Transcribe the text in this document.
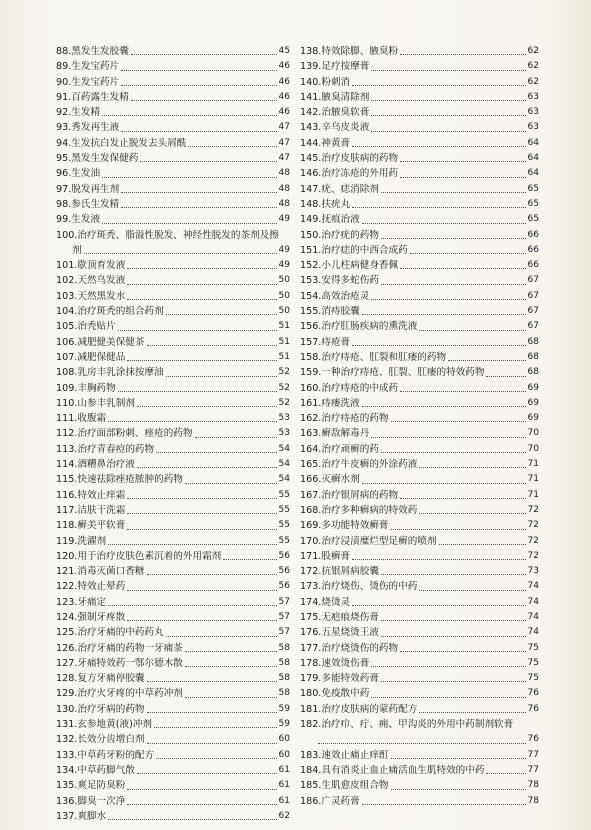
88.黑发生发胶囊	45
89.生发宝药片	46
90.生发宝药片	46
91.百药露生发精	46
92.生发精	46
93.秀发再生液	47
94.生发抗白发止脱发去头屑酰	47
95.黑发生发保健药	47
96.生发油	48
97.脱发再生剂	48
98.参氏生发精	48
99.生发液	49
100.治疗斑秃、脂溢性脱发、神经性脱发的茶剂及擦
剂	49
101.歇顶育发液	49
102.天然乌发液	50
103.天然黑发水	50
104.治疗斑秃的组合药剂	50
105.治秃贴片	51
106.减肥健美保健茶	51
107.减肥保健品	51
108.乳房丰乳涂抹按摩油	52
109.丰胸药物	52
110.山参丰乳制剂	52
111.收腹霜	53
112.治疗面部粉刺、痤疮的药物	53
113.治疗青春痘的药物	54
114.酒糟鼻治疗液	54
115.快速祛除痤疮脓肿的药物	54
116.特效止痒霜	55
117.洁肤干洗霜	55
118.癣美平软膏	55
119.洗濯剂	55
120.用于治疗皮肤色素沉着的外用霜剂	56
121.消毒灭菌口香糖	56
122.特效止晕药	56
123.牙痛定	57
124.强制牙疼散	57
125.治疗牙痛的中药药丸	57
126.治疗牙痛的药物一牙痛茶	58
127.牙痛特效药一鄂尔德木散	58
128.复方牙痛停胶囊	58
129.治疗火牙疼的中草药冲剂	58
130.治疗牙病的药物	59
131.玄参地黄(液)冲剂	59
132.长效分齿增白剂	60
133.中草药牙粉的配方	60
134.中草药脚气散	61
135.爽足防臭粉	61
136.脚臭一次净	61
137.爽脚水	62
138.特效除脚、腋臭粉	62
139.足疗按摩膏	62
140.粉刺消	62
141.腋臭清除剂	63
142.治腋臭软膏	63
143.辛乌皮炎液	63
144.神黄膏	64
145.治疗皮肤病的药物	64
146.治疗冻疮的外用药	64
147.疣、痣消除剂	65
148.扶疣丸	65
149.抚痕治液	65
150.治疗疣的药物	66
151.治疗痣的中西合成药	66
152.小儿柱病健身香佩	66
153.安得多蛇伤药	67
154.高效治疮灵	67
155.消痔胶囊	67
156.治疗肛肠疾病的熏洗液	67
157.痔疮膏	68
158.治疗痔疮、肛裂和肛瘘的药物	68
159.一种治疗痔疮、肛裂、肛瘘的特效药物	68
160.治疗痔疮的中成药	69
161.痔瘘洗液	69
162.治疗痔疮的药物	69
163.癣敌解毒丹	70
164.治疗顽癣的药	70
165.治疗牛皮癣的外涂药液	71
166.灭癣水剂	71
167.治疗银屑病的药物	71
168.治疗多种癣病的特效药	72
169.多功能特效癣膏	72
170.治疗浸渍糜烂型足癣的喷剂	72
171.股癣膏	72
172.抗银屑病胶囊	73
173.治疗烧伤、烫伤的中药	74
174.烧烫灵	74
175.无疤痕烧伤膏	74
176.五星烧烫王液	74
177.治疗烧烫伤的药物	75
178.速效烫伤膏	75
179.多能特效药膏	75
180.免疫散中药	76
181.治疗皮肤病的蒙药配方	76
182.治疗疖、疔、痈、甲沟炎的外用中药制剂软膏
76
183.速效止痛止痒酊	77
184.具有消炎止血止痛活血生肌特效的中药	77
185.生肌愈皮组合物	78
186.广灵药膏	78
